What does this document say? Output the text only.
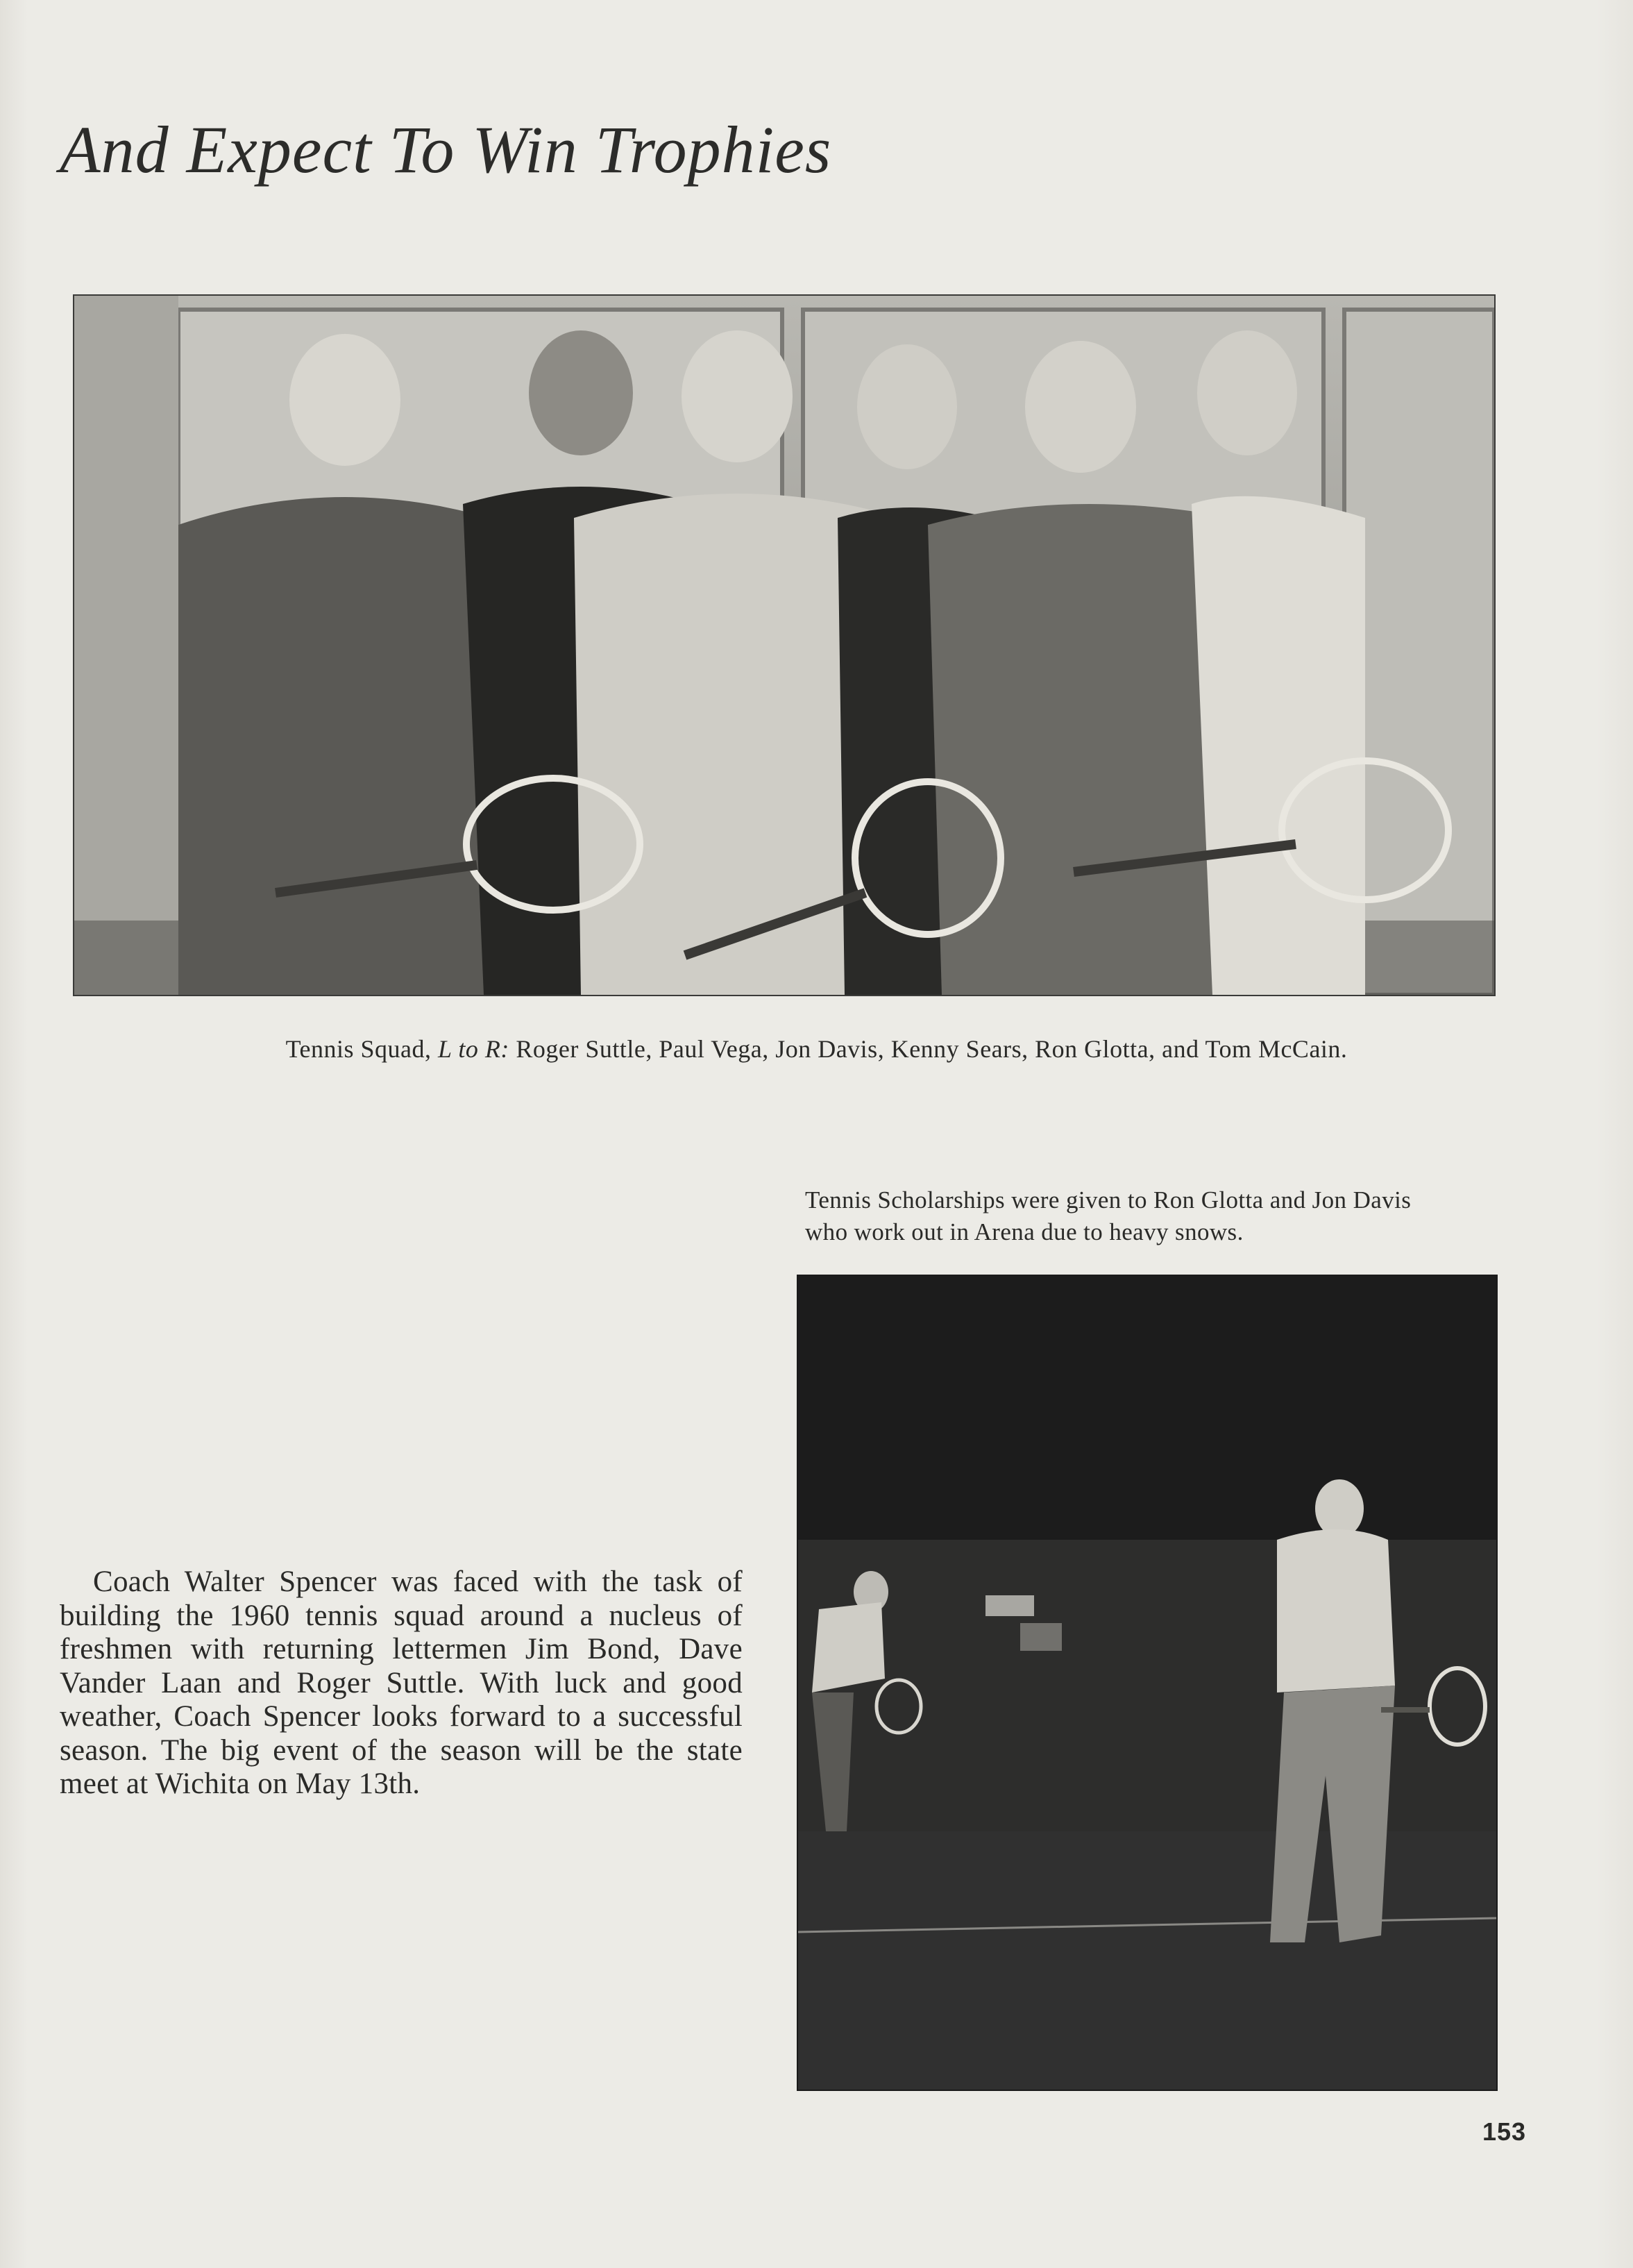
And Expect To Win Trophies
Tennis Squad, L to R: Roger Suttle, Paul Vega, Jon Davis, Kenny Sears, Ron Glotta, and Tom McCain.
Tennis Scholarships were given to Ron Glotta and Jon Davis
who work out in Arena due to heavy snows.

Coach Walter Spencer was faced with the task of building the 1960 tennis squad around a nucleus of freshmen with returning lettermen Jim Bond, Dave Vander Laan and Roger Suttle. With luck and good weather, Coach Spencer looks forward to a successful season. The big event of the season will be the state meet at Wichita on May 13th.

153
